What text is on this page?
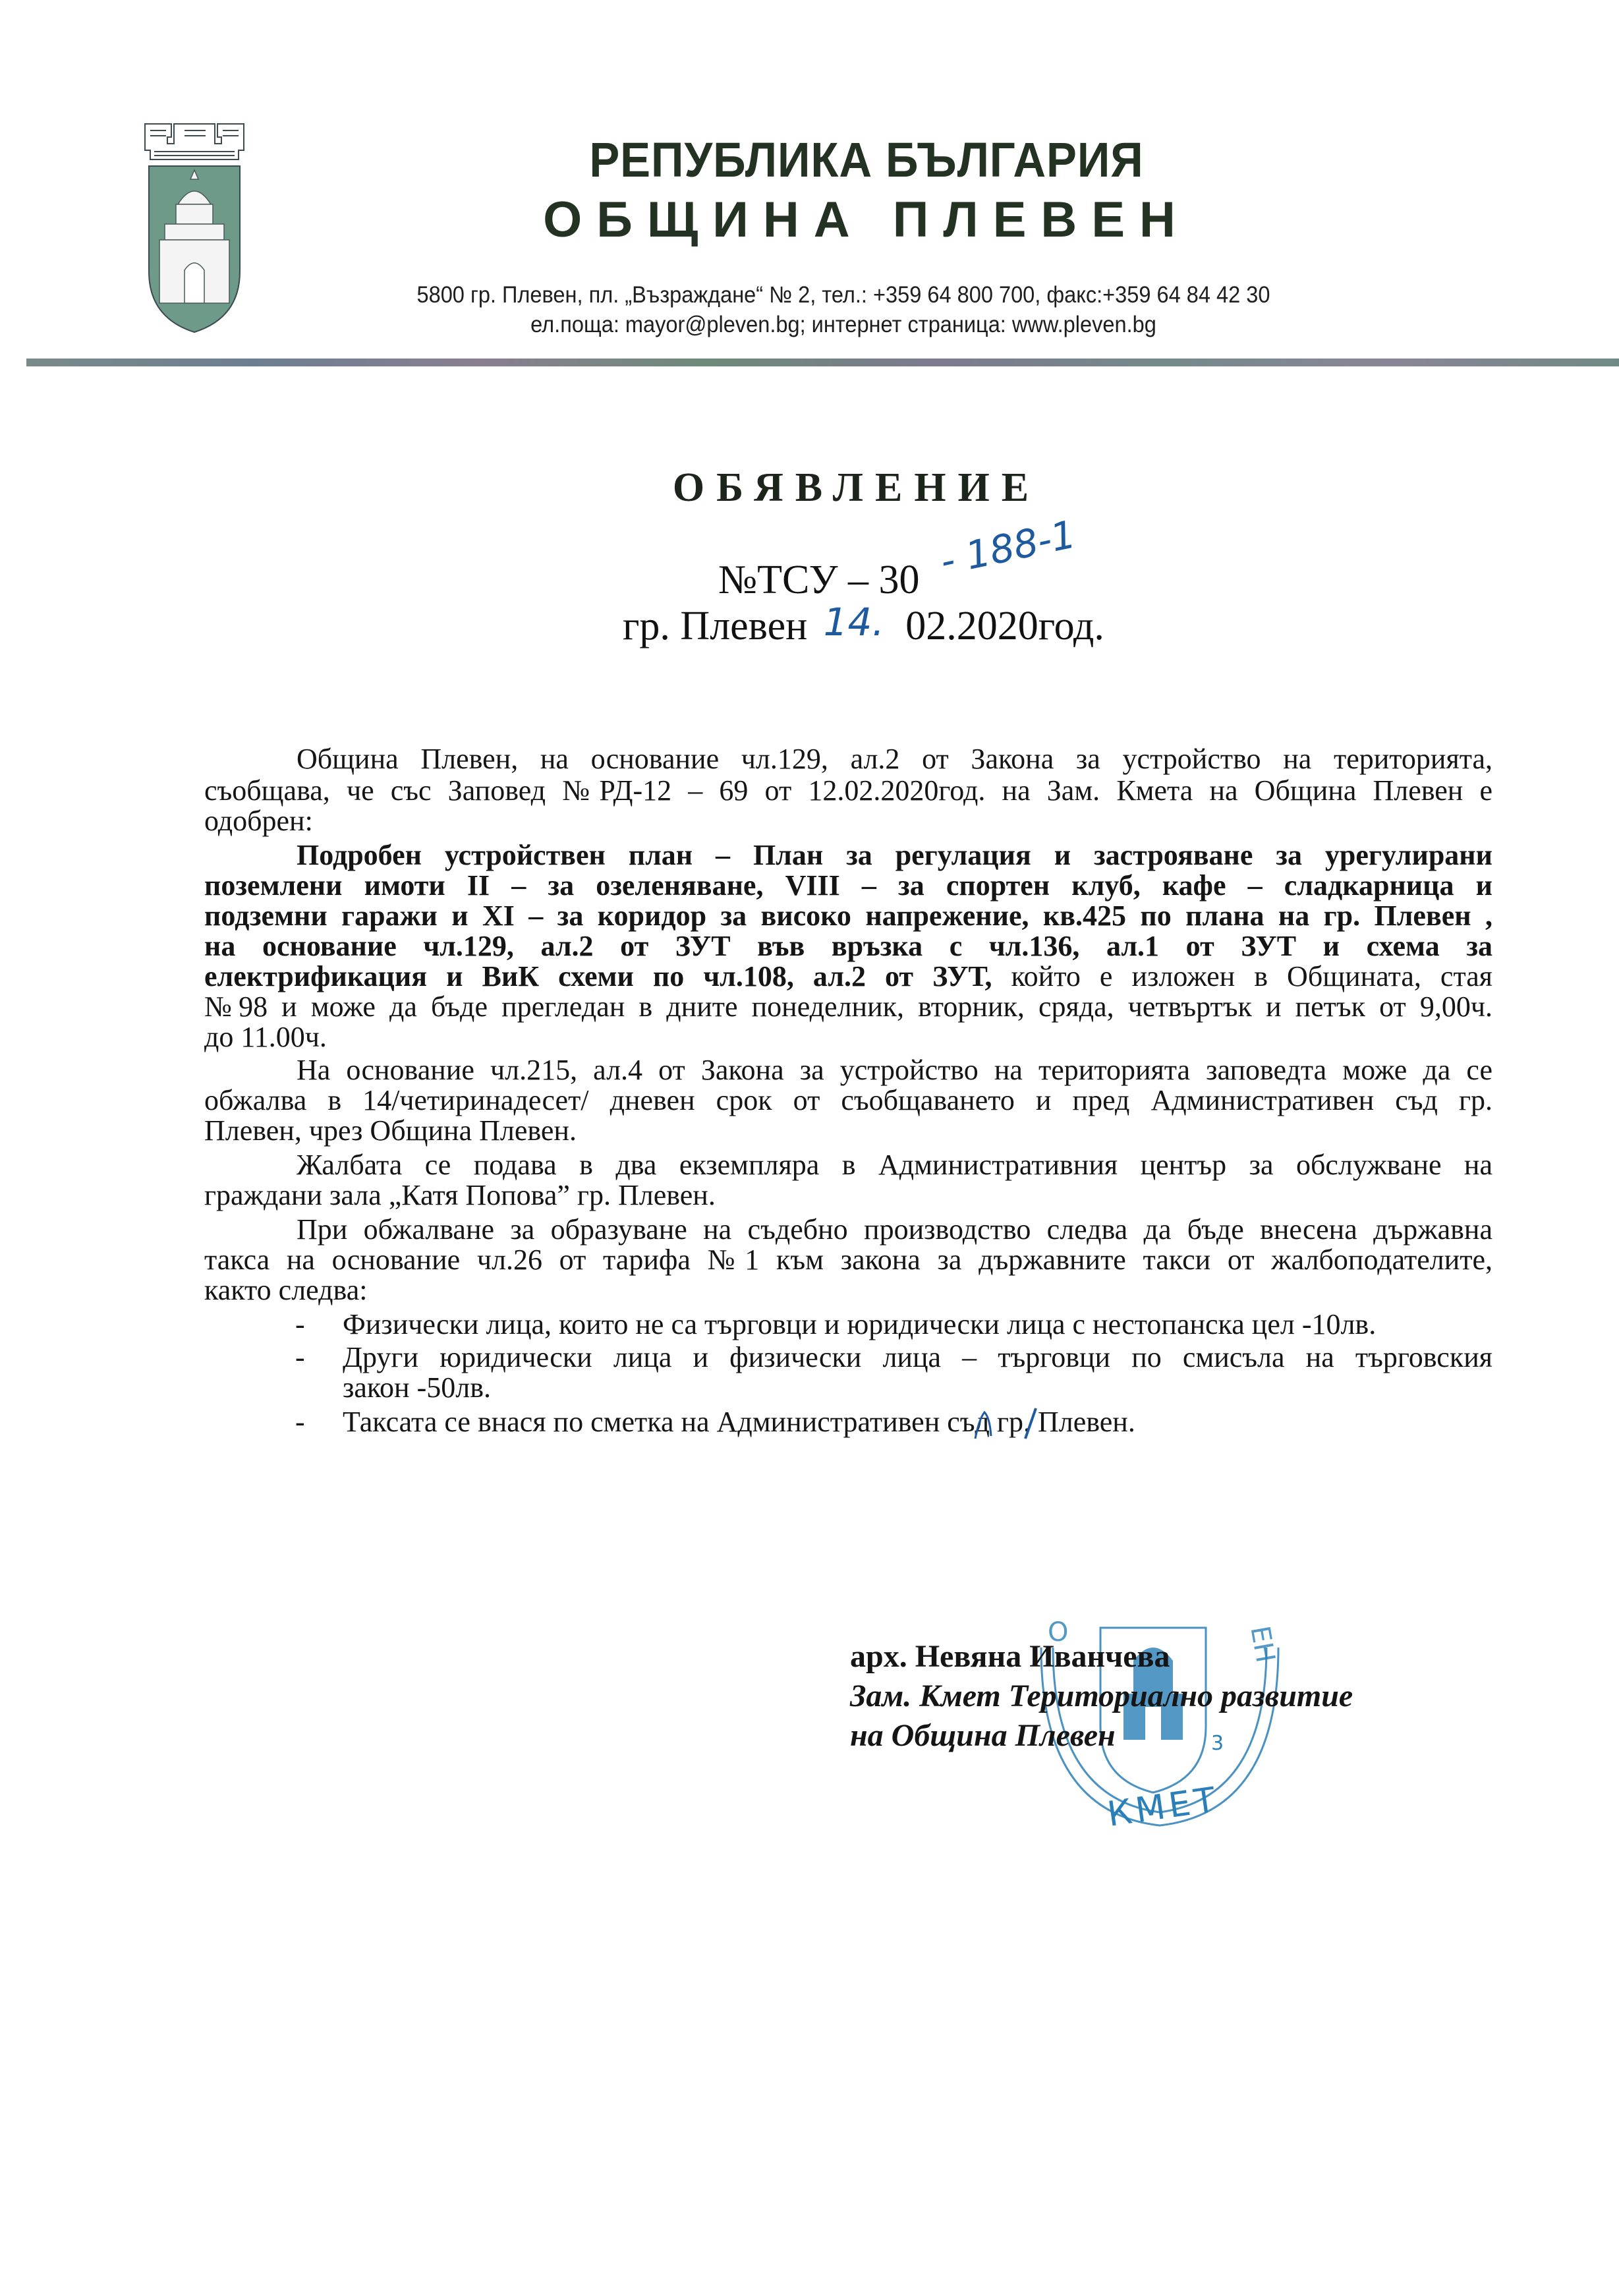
РЕПУБЛИКА БЪЛГАРИЯ
ОБЩИНА ПЛЕВЕН
5800 гр. Плевен, пл. „Възраждане“ № 2, тел.: +359 64 800 700, факс:+359 64 84 42 30
ел.поща: mayor@pleven.bg; интернет страница: www.pleven.bg
ОБЯВЛЕНИЕ
№ТСУ – 30 - 188-1
гр. Плевен 14. 02.2020год.
Община Плевен, на основание чл.129, ал.2 от Закона за устройство на територията,
съобщава, че със Заповед №РД-12 – 69 от 12.02.2020год. на Зам. Кмета на Община Плевен е
одобрен:
Подробен устройствен план – План за регулация и застрояване за урегулирани
поземлени имоти II – за озеленяване, VIII – за спортен клуб, кафе – сладкарница и
подземни гаражи и XI – за коридор за високо напрежение, кв.425 по плана на гр. Плевен ,
на основание чл.129, ал.2 от ЗУТ във връзка с чл.136, ал.1 от ЗУТ и схема за
електрификация и ВиК схеми по чл.108, ал.2 от ЗУТ, който е изложен в Общината, стая
№98 и може да бъде прегледан в дните понеделник, вторник, сряда, четвъртък и петък от 9,00ч.
до 11.00ч.
На основание чл.215, ал.4 от Закона за устройство на територията заповедта може да се
обжалва в 14/четиринадесет/ дневен срок от съобщаването и пред Административен съд гр.
Плевен, чрез Община Плевен.
Жалбата се подава в два екземпляра в Административния център за обслужване на
граждани зала „Катя Попова” гр. Плевен.
При обжалване за образуване на съдебно производство следва да бъде внесена държавна
такса на основание чл.26 от тарифа №1 към закона за държавните такси от жалбоподателите,
както следва:
- Физически лица, които не са търговци и юридически лица с нестопанска цел -10лв.
- Други юридически лица и физически лица – търговци по смисъла на търговския
закон -50лв.
- Таксата се внася по сметка на Административен съд гр. Плевен.
3
КМЕТ
О	ЕН
арх. Невяна Иванчева
Зам. Кмет Териториално развитие
на Община Плевен
